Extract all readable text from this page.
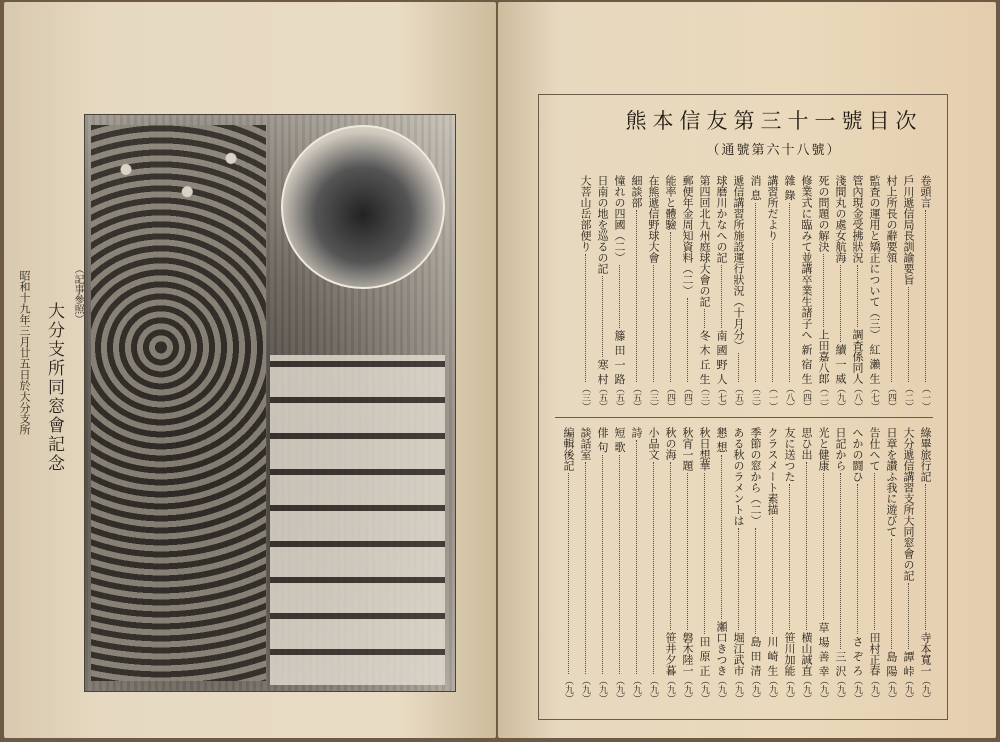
大分支所同窓會記念
（記事參照）
昭和十九年三月廿五日於大分支所
熊本信友第三十一號目次
（通號第六十八號）
卷頭言
（一）
戶川遞信局長訓諭要旨
（二）
村上所長の辭要領
（四）
監査の運用と矯正について（三）
紅 瀨 生
（七）
管內現金受拂狀況
調査係同人
（八）
淺間丸の處女航海
續 一 威
（九）
死の問題の解決
上田嘉八郎
（二）
修業式に臨みて並講卒業生諸子へ
新 宿 生
（四）
雜 錄
（八）
講習所だより
（一）
消 息
（三）
遞信講習所施設運行狀況（十月分）
（五）
球磨川かなへの記
南 國 野 人
（七）
第四回北九州庭球大會の記
冬 木 丘 生
（三）
郵便年金周知資料（二）
（四）
能率と體驗
（四）
在熊遞信野球大會
（三）
細談部
（五）
憧れの四國（二）
籐 田 一 路
（五）
日南の地を巡るの記
寒 村
（五）
大菩山岳部便り
（三）
綠畢旅行記
寺本寬一
（九）
大分遞信講習支所大同窓會の記
譚 峠
（九）
日章を讃ふ我に遊びて
島 陽
（九）
告仕へて
田村正春
（九）
へかの闘ひ
さ ぞ ろ
（九）
日記から
三 沢
（九）
光と健康
草 場 善 幸
（九）
思ひ出
横山誠直
（九）
友に送つた
笹川加能
（九）
クラスメート素描
川 崎 生
（九）
季節の窓から（二）
島 田 清
（九）
ある秋のラメントは
堀江武市
（九）
懇 想
瀬口きつき
（九）
秋日想華
田 原 正
（九）
秋宵一題
磐木陸一
（九）
秋の海
笹井夕暮
（九）
小品文
（九）
詩
（九）
短 歌
（九）
俳 句
（九）
談話室
（九）
編輯後記
（九）
